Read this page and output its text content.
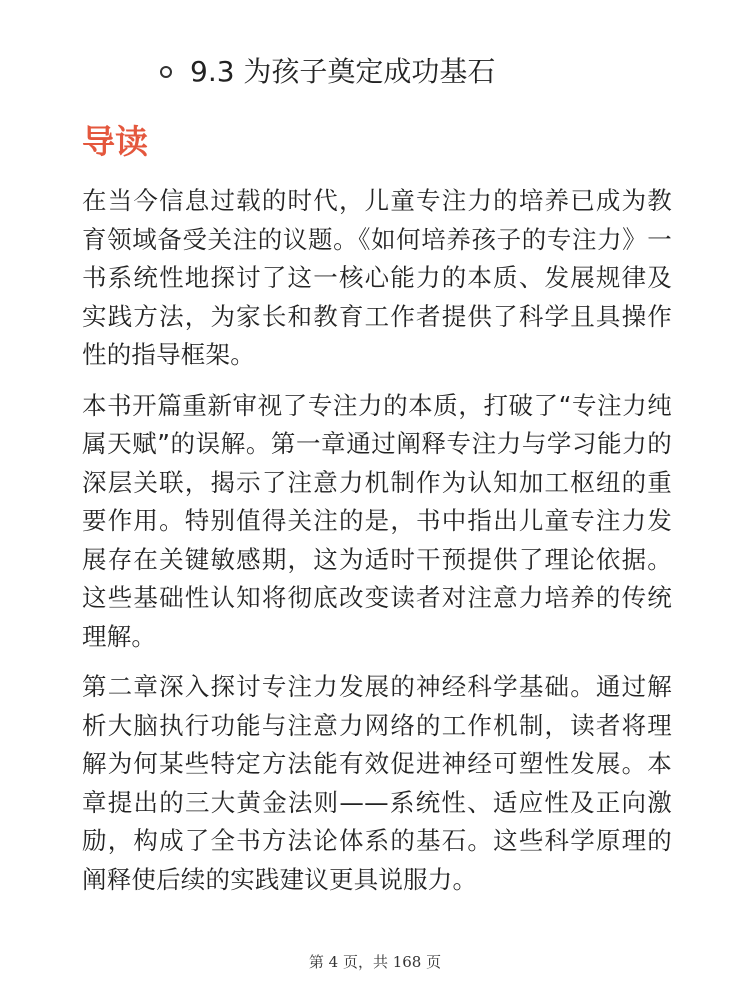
9.3 为孩子奠定成功基石
导读

在当今信息过载的时代，儿童专注力的培养已成为教育领域备受关注的议题。《如何培养孩子的专注力》一书系统性地探讨了这一核心能力的本质、发展规律及实践方法，为家长和教育工作者提供了科学且具操作性的指导框架。

本书开篇重新审视了专注力的本质，打破了“专注力纯属天赋”的误解。第一章通过阐释专注力与学习能力的深层关联，揭示了注意力机制作为认知加工枢纽的重要作用。特别值得关注的是，书中指出儿童专注力发展存在关键敏感期，这为适时干预提供了理论依据。这些基础性认知将彻底改变读者对注意力培养的传统理解。

第二章深入探讨专注力发展的神经科学基础。通过解析大脑执行功能与注意力网络的工作机制，读者将理解为何某些特定方法能有效促进神经可塑性发展。本章提出的三大黄金法则——系统性、适应性及正向激励，构成了全书方法论体系的基石。这些科学原理的阐释使后续的实践建议更具说服力。

第 4 页，共 168 页
